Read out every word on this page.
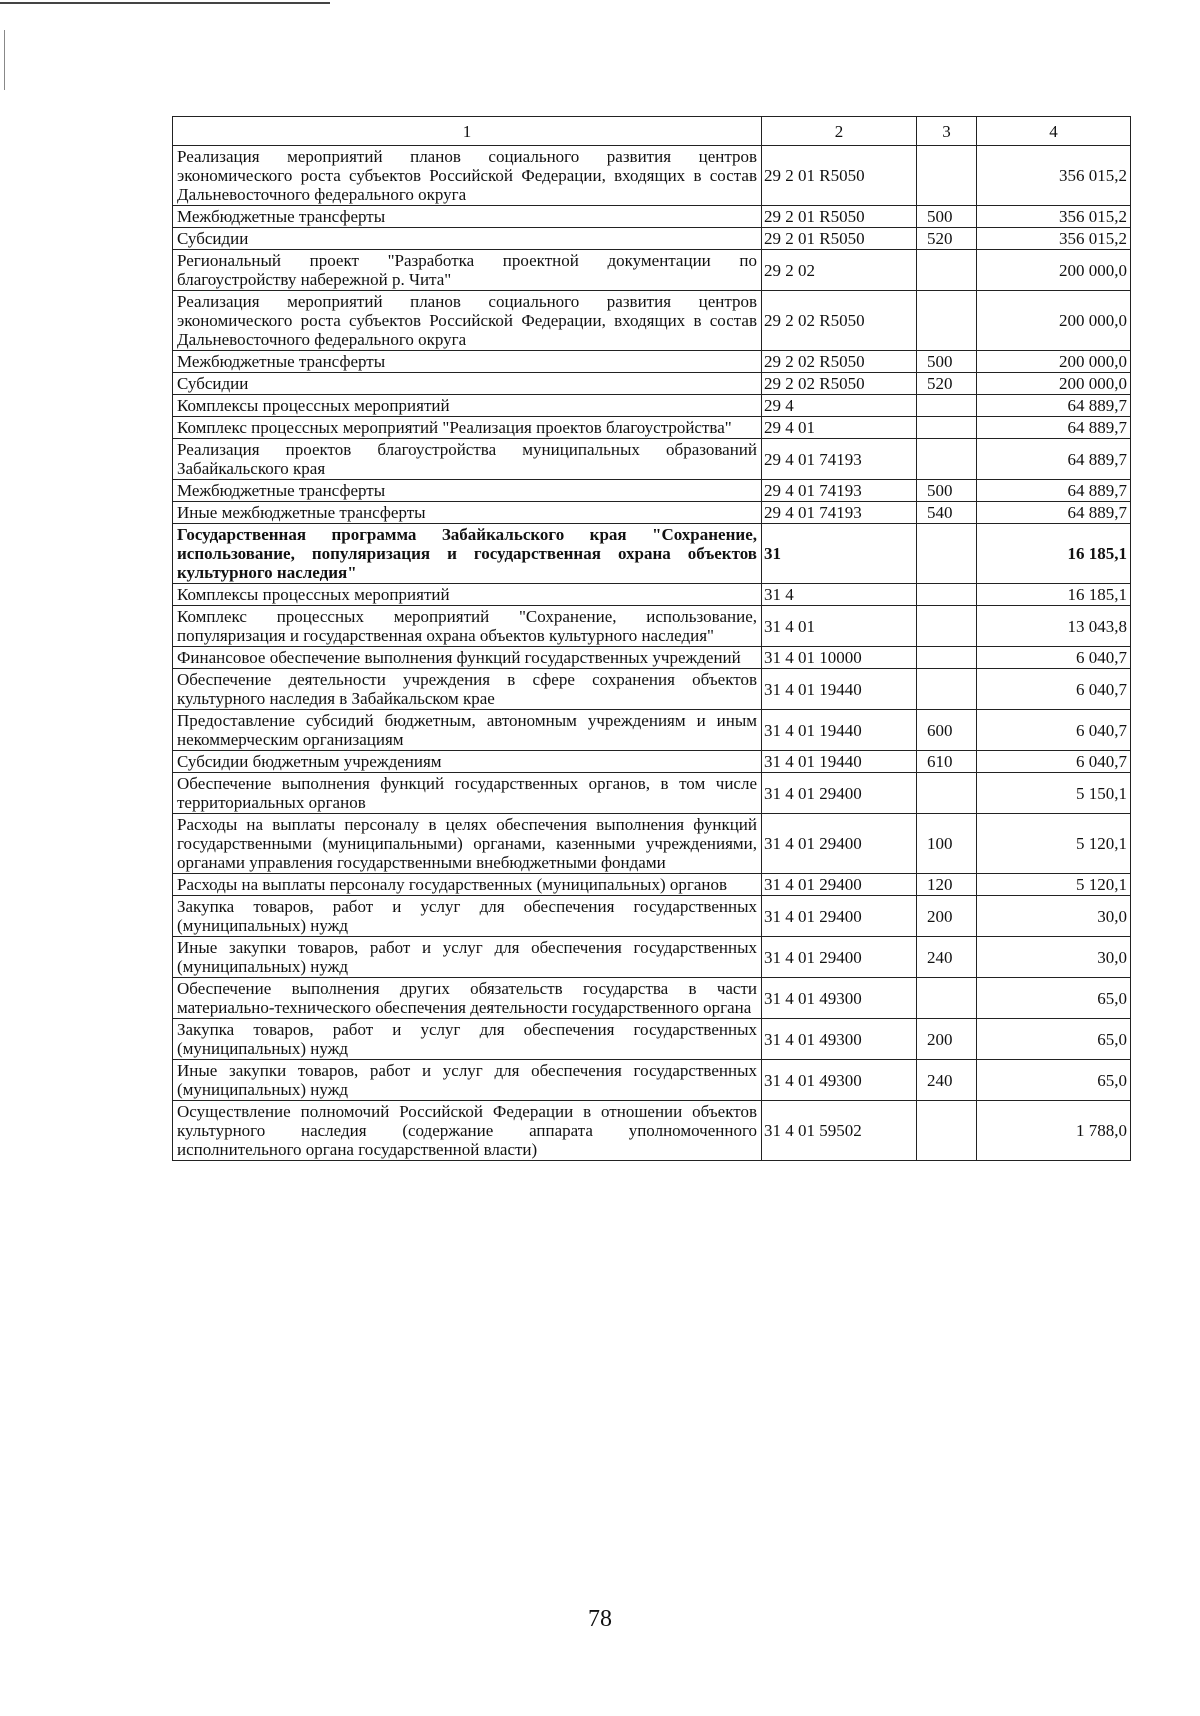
1	2	3	4
Реализация мероприятий планов социального развития центров экономического роста субъектов Российской Федерации, входящих в состав Дальневосточного федерального округа	29 2 01 R5050		356 015,2
Межбюджетные трансферты	29 2 01 R5050	500	356 015,2
Субсидии	29 2 01 R5050	520	356 015,2
Региональный проект "Разработка проектной документации по благоустройству набережной р. Чита"	29 2 02		200 000,0
Реализация мероприятий планов социального развития центров экономического роста субъектов Российской Федерации, входящих в состав Дальневосточного федерального округа	29 2 02 R5050		200 000,0
Межбюджетные трансферты	29 2 02 R5050	500	200 000,0
Субсидии	29 2 02 R5050	520	200 000,0
Комплексы процессных мероприятий	29 4		64 889,7
Комплекс процессных мероприятий "Реализация проектов благоустройства"	29 4 01		64 889,7
Реализация проектов благоустройства муниципальных образований Забайкальского края	29 4 01 74193		64 889,7
Межбюджетные трансферты	29 4 01 74193	500	64 889,7
Иные межбюджетные трансферты	29 4 01 74193	540	64 889,7
Государственная программа Забайкальского края "Сохранение, использование, популяризация и государственная охрана объектов культурного наследия"	31		16 185,1
Комплексы процессных мероприятий	31 4		16 185,1
Комплекс процессных мероприятий "Сохранение, использование, популяризация и государственная охрана объектов культурного наследия"	31 4 01		13 043,8
Финансовое обеспечение выполнения функций государственных учреждений	31 4 01 10000		6 040,7
Обеспечение деятельности учреждения в сфере сохранения объектов культурного наследия в Забайкальском крае	31 4 01 19440		6 040,7
Предоставление субсидий бюджетным, автономным учреждениям и иным некоммерческим организациям	31 4 01 19440	600	6 040,7
Субсидии бюджетным учреждениям	31 4 01 19440	610	6 040,7
Обеспечение выполнения функций государственных органов, в том числе территориальных органов	31 4 01 29400		5 150,1
Расходы на выплаты персоналу в целях обеспечения выполнения функций государственными (муниципальными) органами, казенными учреждениями, органами управления государственными внебюджетными фондами	31 4 01 29400	100	5 120,1
Расходы на выплаты персоналу государственных (муниципальных) органов	31 4 01 29400	120	5 120,1
Закупка товаров, работ и услуг для обеспечения государственных (муниципальных) нужд	31 4 01 29400	200	30,0
Иные закупки товаров, работ и услуг для обеспечения государственных (муниципальных) нужд	31 4 01 29400	240	30,0
Обеспечение выполнения других обязательств государства в части материально-технического обеспечения деятельности государственного органа	31 4 01 49300		65,0
Закупка товаров, работ и услуг для обеспечения государственных (муниципальных) нужд	31 4 01 49300	200	65,0
Иные закупки товаров, работ и услуг для обеспечения государственных (муниципальных) нужд	31 4 01 49300	240	65,0
Осуществление полномочий Российской Федерации в отношении объектов культурного наследия (содержание аппарата уполномоченного исполнительного органа государственной власти)	31 4 01 59502		1 788,0
78
